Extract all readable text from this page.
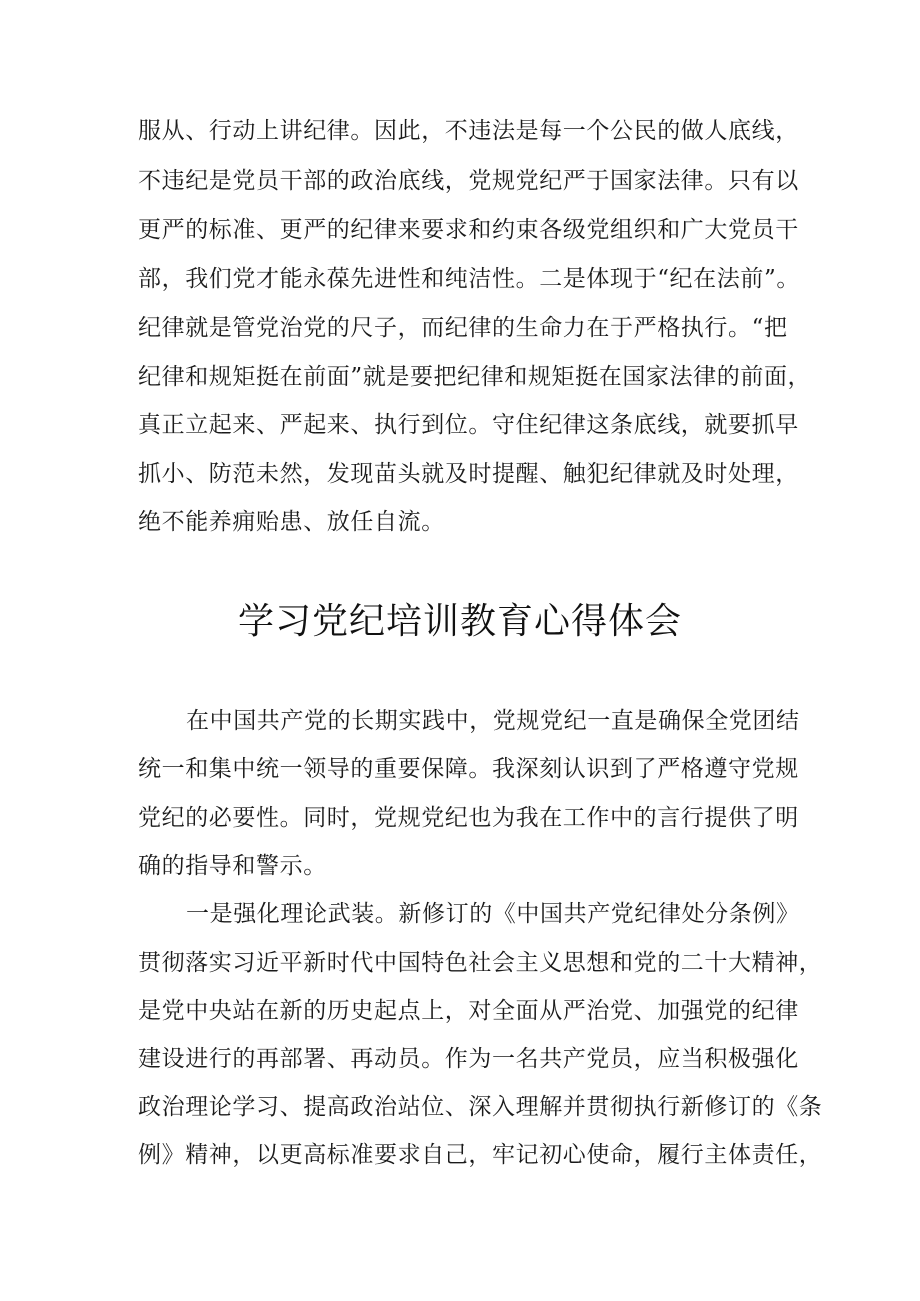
服从、行动上讲纪律。因此，不违法是每一个公民的做人底线，
不违纪是党员干部的政治底线，党规党纪严于国家法律。只有以
更严的标准、更严的纪律来要求和约束各级党组织和广大党员干
部，我们党才能永葆先进性和纯洁性。二是体现于“纪在法前”。
纪律就是管党治党的尺子，而纪律的生命力在于严格执行。“把
纪律和规矩挺在前面”就是要把纪律和规矩挺在国家法律的前面，
真正立起来、严起来、执行到位。守住纪律这条底线，就要抓早
抓小、防范未然，发现苗头就及时提醒、触犯纪律就及时处理，
绝不能养痈贻患、放任自流。
学习党纪培训教育心得体会
在中国共产党的长期实践中，党规党纪一直是确保全党团结
统一和集中统一领导的重要保障。我深刻认识到了严格遵守党规
党纪的必要性。同时，党规党纪也为我在工作中的言行提供了明
确的指导和警示。
一是强化理论武装。新修订的《中国共产党纪律处分条例》
贯彻落实习近平新时代中国特色社会主义思想和党的二十大精神，
是党中央站在新的历史起点上，对全面从严治党、加强党的纪律
建设进行的再部署、再动员。作为一名共产党员，应当积极强化
政治理论学习、提高政治站位、深入理解并贯彻执行新修订的《条
例》精神，以更高标准要求自己，牢记初心使命，履行主体责任，
